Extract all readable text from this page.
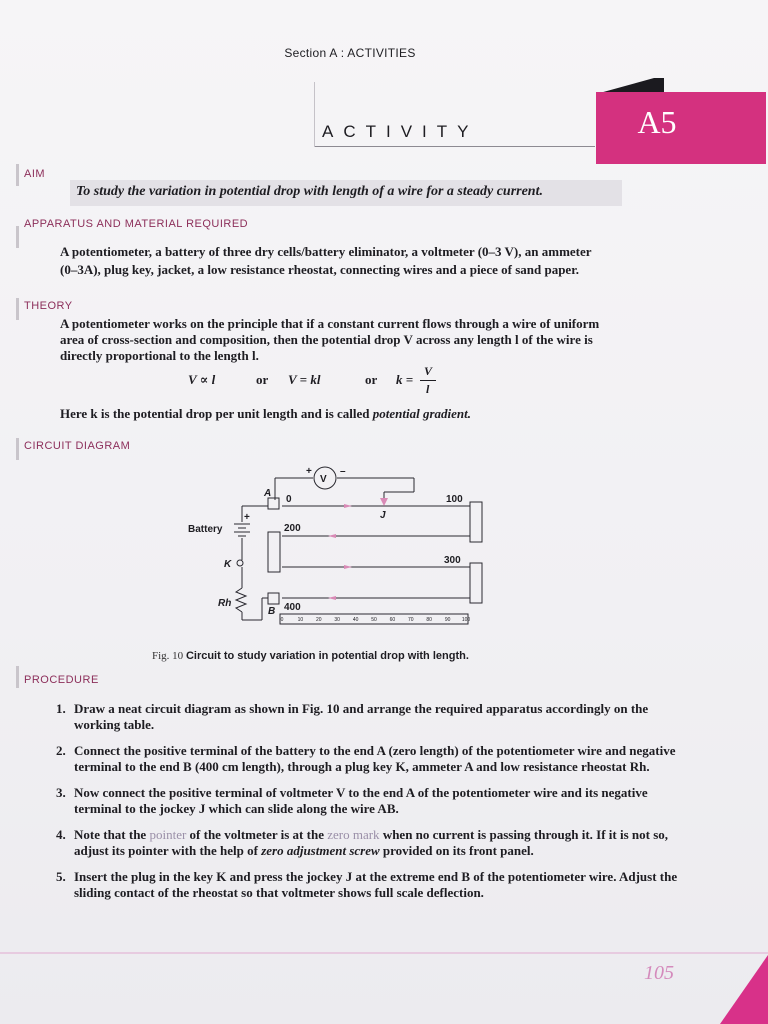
Section A : ACTIVITIES
ACTIVITY	A5
AIM
To study the variation in potential drop with length of a wire for a steady current.
APPARATUS AND MATERIAL REQUIRED
A potentiometer, a battery of three dry cells/battery eliminator, a voltmeter (0–3 V), an ammeter
(0–3A), plug key, jacket, a low resistance rheostat, connecting wires and a piece of sand paper.
THEORY
A potentiometer works on the principle that if a constant current flows through a wire of uniform
area of cross-section and composition, then the potential drop V across any length l of the wire is
directly proportional to the length l.
V ∝ l	or V = kl	or k =
V
l
Here k is the potential drop per unit length and is called potential gradient.
CIRCUIT DIAGRAM
V
+	–
A
0	100
J
200
300
400
B
Battery
+
K
Rh
0	10	20	30	40	50	60	70	80	90 100
Fig. 10 Circuit to study variation in potential drop with length.
PROCEDURE
1. Draw a neat circuit diagram as shown in Fig. 10 and arrange the required apparatus accordingly on the working table.
2. Connect the positive terminal of the battery to the end A (zero length) of the potentiometer wire and negative terminal to the end B (400 cm length), through a plug key K, ammeter A and low resistance rheostat Rh.
3. Now connect the positive terminal of voltmeter V to the end A of the potentiometer wire and its negative terminal to the jockey J which can slide along the wire AB.
4. Note that the pointer of the voltmeter is at the zero mark when no current is passing through it. If it is not so, adjust its pointer with the help of zero adjustment screw provided on its front panel.
5. Insert the plug in the key K and press the jockey J at the extreme end B of the potentiometer wire. Adjust the sliding contact of the rheostat so that voltmeter shows full scale deflection.
105
